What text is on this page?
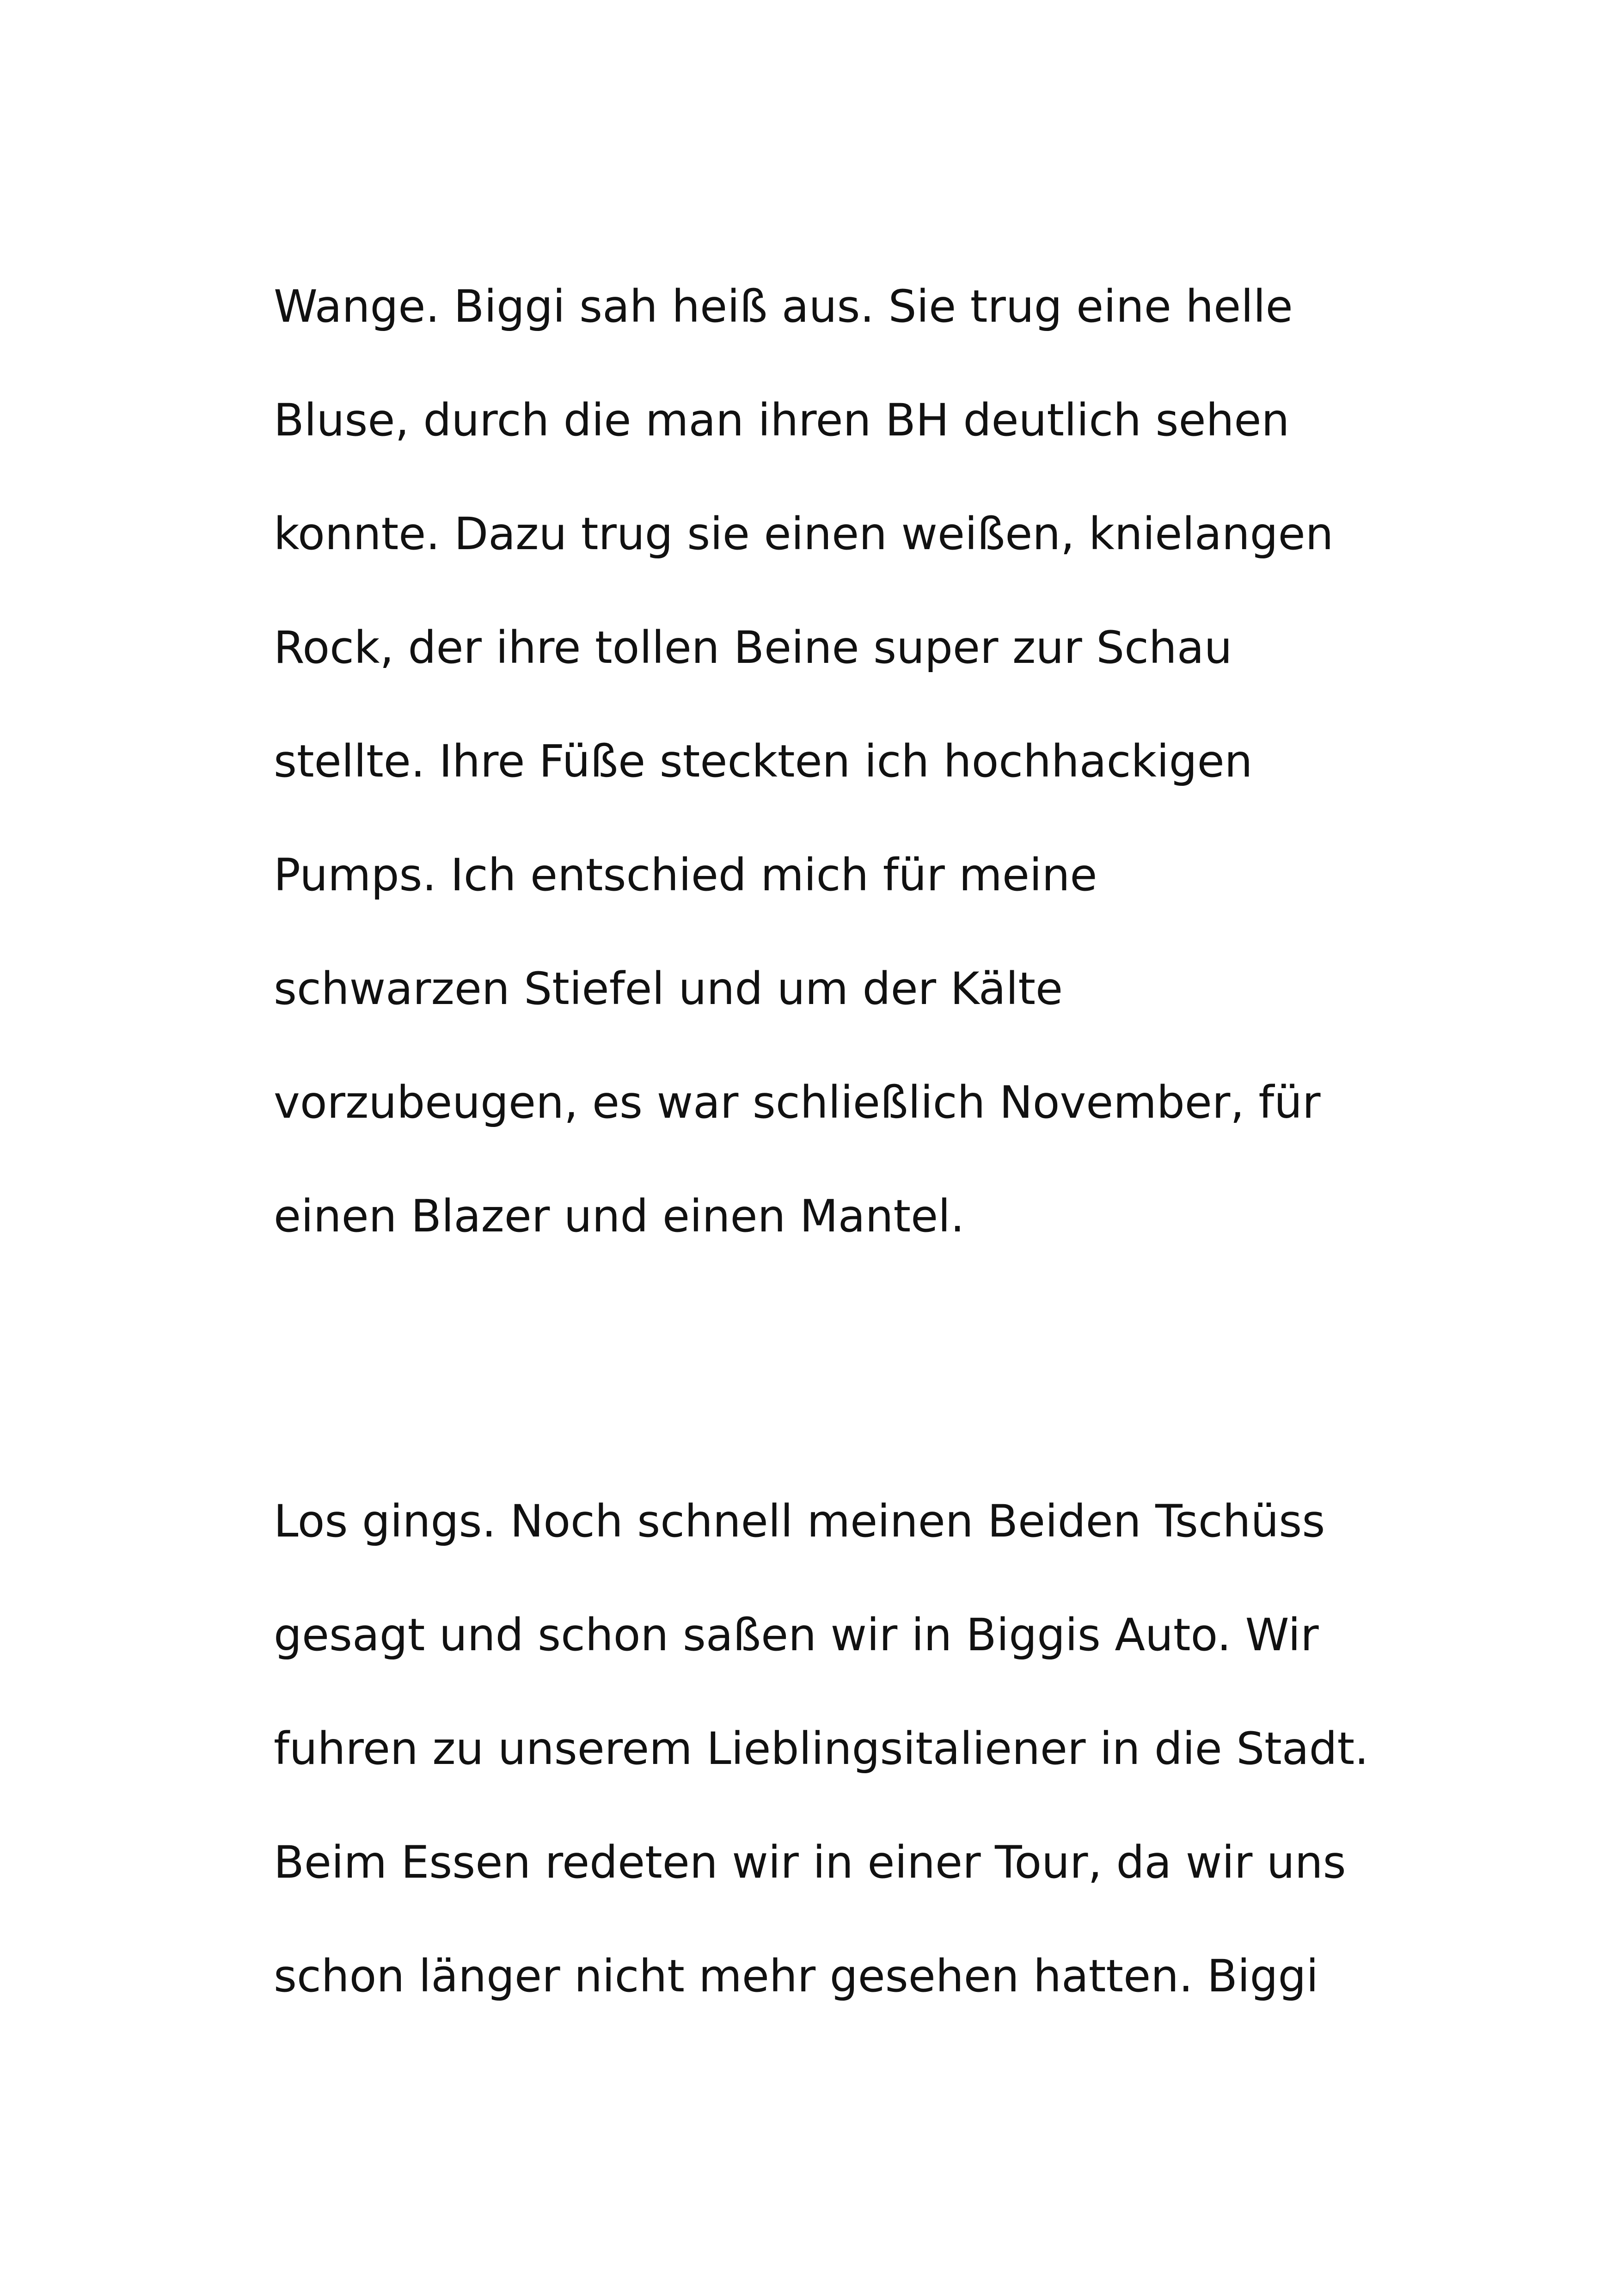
Wange. Biggi sah heiß aus. Sie trug eine helle
Bluse, durch die man ihren BH deutlich sehen
konnte. Dazu trug sie einen weißen, knielangen
Rock, der ihre tollen Beine super zur Schau
stellte. Ihre Füße steckten ich hochhackigen
Pumps. Ich entschied mich für meine
schwarzen Stiefel und um der Kälte
vorzubeugen, es war schließlich November, für
einen Blazer und einen Mantel.
Los gings. Noch schnell meinen Beiden Tschüss
gesagt und schon saßen wir in Biggis Auto. Wir
fuhren zu unserem Lieblingsitaliener in die Stadt.
Beim Essen redeten wir in einer Tour, da wir uns
schon länger nicht mehr gesehen hatten. Biggi
